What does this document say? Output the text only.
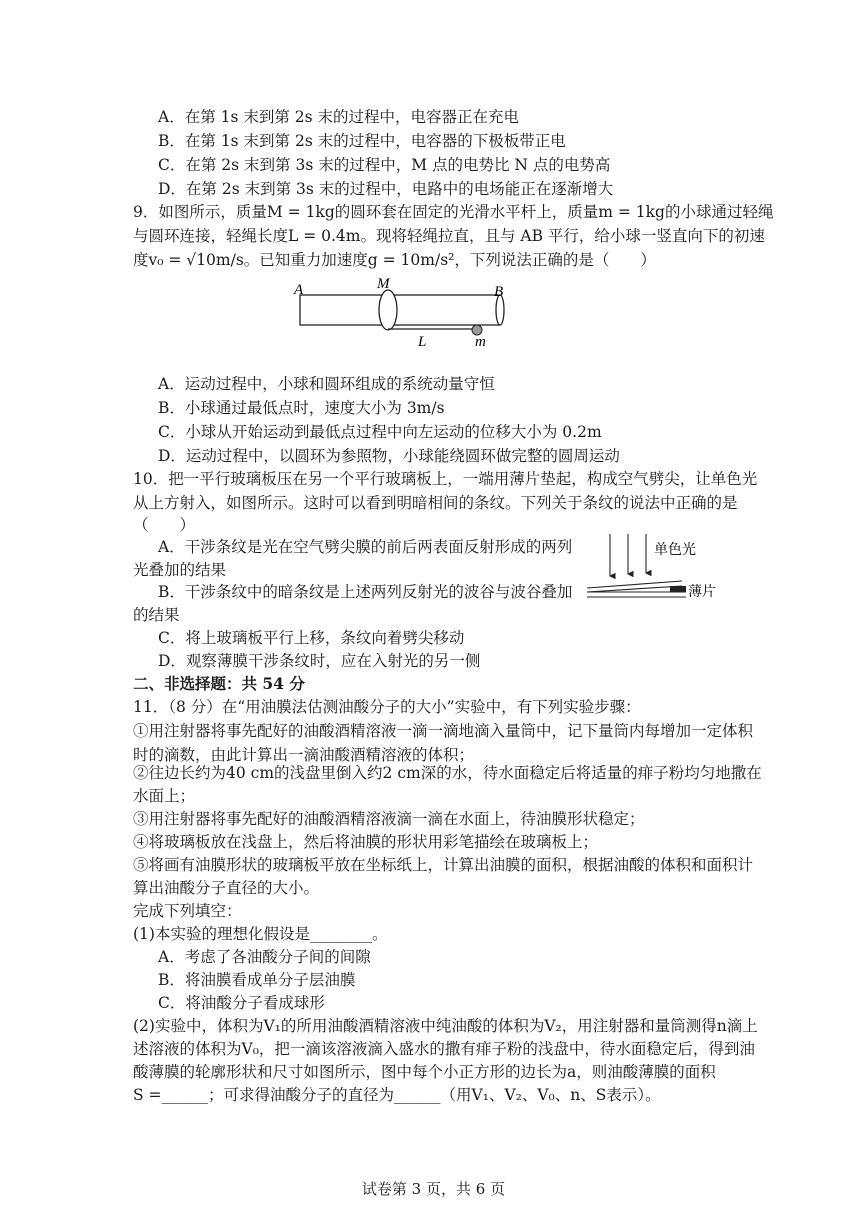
A．在第 1s 末到第 2s 末的过程中，电容器正在充电
B．在第 1s 末到第 2s 末的过程中，电容器的下极板带正电
C．在第 2s 末到第 3s 末的过程中，M 点的电势比 N 点的电势高
D．在第 2s 末到第 3s 末的过程中，电路中的电场能正在逐渐增大
9．如图所示，质量M = 1kg的圆环套在固定的光滑水平杆上，质量m = 1kg的小球通过轻绳
与圆环连接，轻绳长度L = 0.4m。现将轻绳拉直，且与 AB 平行，给小球一竖直向下的初速
度v₀ = √10m/s。已知重力加速度g = 10m/s²，下列说法正确的是（　　）
A	M	B
L	m
A．运动过程中，小球和圆环组成的系统动量守恒
B．小球通过最低点时，速度大小为 3m/s
C．小球从开始运动到最低点过程中向左运动的位移大小为 0.2m
D．运动过程中，以圆环为参照物，小球能绕圆环做完整的圆周运动
10．把一平行玻璃板压在另一个平行玻璃板上，一端用薄片垫起，构成空气劈尖，让单色光
从上方射入，如图所示。这时可以看到明暗相间的条纹。下列关于条纹的说法中正确的是
（　　）
A．干涉条纹是光在空气劈尖膜的前后两表面反射形成的两列
光叠加的结果
B．干涉条纹中的暗条纹是上述两列反射光的波谷与波谷叠加
的结果
C．将上玻璃板平行上移，条纹向着劈尖移动
D．观察薄膜干涉条纹时，应在入射光的另一侧
单色光
薄片
二、非选择题：共 54 分
11．（8 分）在“用油膜法估测油酸分子的大小”实验中，有下列实验步骤：
①用注射器将事先配好的油酸酒精溶液一滴一滴地滴入量筒中，记下量筒内每增加一定体积
时的滴数，由此计算出一滴油酸酒精溶液的体积；
②往边长约为40 cm的浅盘里倒入约2 cm深的水，待水面稳定后将适量的痱子粉均匀地撒在
水面上；
③用注射器将事先配好的油酸酒精溶液滴一滴在水面上，待油膜形状稳定；
④将玻璃板放在浅盘上，然后将油膜的形状用彩笔描绘在玻璃板上；
⑤将画有油膜形状的玻璃板平放在坐标纸上，计算出油膜的面积，根据油酸的体积和面积计
算出油酸分子直径的大小。
完成下列填空：
(1)本实验的理想化假设是________。
A．考虑了各油酸分子间的间隙
B．将油膜看成单分子层油膜
C．将油酸分子看成球形
(2)实验中，体积为V₁的所用油酸酒精溶液中纯油酸的体积为V₂，用注射器和量筒测得n滴上
述溶液的体积为V₀，把一滴该溶液滴入盛水的撒有痱子粉的浅盘中，待水面稳定后，得到油
酸薄膜的轮廓形状和尺寸如图所示，图中每个小正方形的边长为a，则油酸薄膜的面积
S =______；可求得油酸分子的直径为______（用V₁、V₂、V₀、n、S表示）。
试卷第 3 页，共 6 页
